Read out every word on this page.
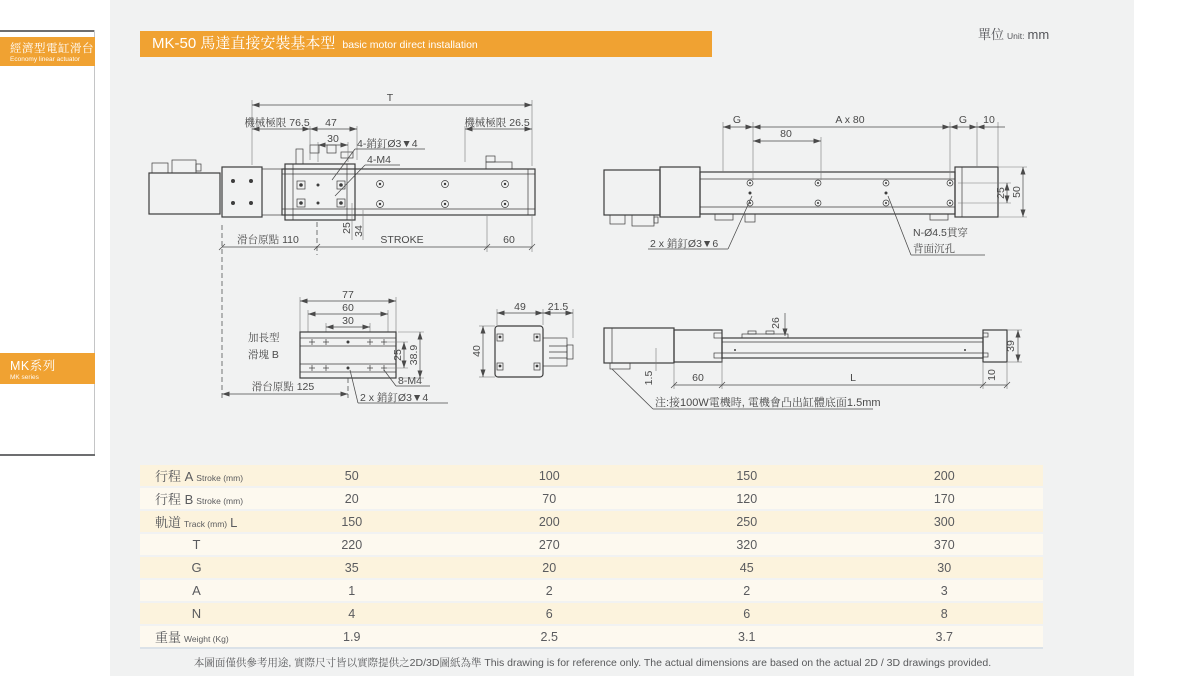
T
機械極限 76.5 47
30 4-銷釘Ø3▼4
4-M4
機械極限 26.5
滑台原點 110	STROKE	60
25 34
G	A x 80	G 10
80
25 50
2 x 銷釘Ø3▼6
N-Ø4.5貫穿
背面沉孔
滑台原點 125
77
60
30
25 38.9
加長型
滑塊 B
8-M4
2 x 銷釘Ø3▼4
49 21.5
40
26
39
1.5	60	L	10
注:接100W電機時, 電機會凸出缸體底面1.5mm
經濟型電缸滑台
Economy linear actuator
MK系列
MK series
MK-50 馬達直接安裝基本型 basic motor direct installation
單位 Unit: mm
行程 A Stroke (mm)	50	100	150	200
行程 B Stroke (mm)	20	70	120	170
軌道 Track (mm) L	150	200	250	300
T	220	270	320	370
G	35	20	45	30
A	1	2	2	3
N	4	6	6	8
重量 Weight (Kg)	1.9	2.5	3.1	3.7
本圖面僅供參考用途, 實際尺寸皆以實際提供之2D/3D圖紙為準 This drawing is for reference only. The actual dimensions are based on the actual 2D / 3D drawings provided.
